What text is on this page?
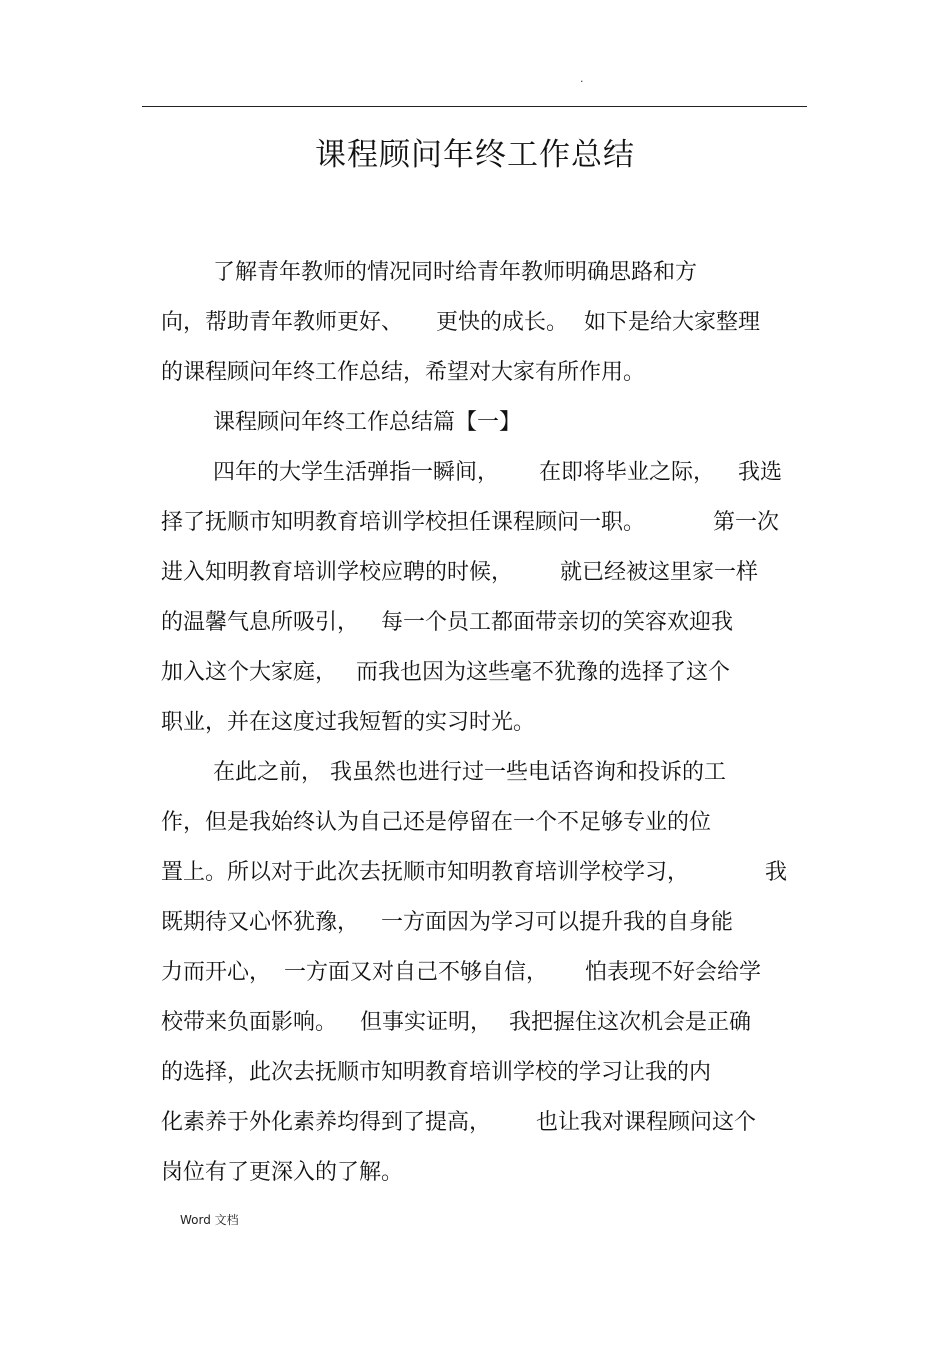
.
课程顾问年终工作总结

了解青年教师的情况同时给青年教师明确思路和方

向，帮助青年教师更好、

更快的成长。

如下是给大家整理

的课程顾问年终工作总结，希望对大家有所作用。

课程顾问年终工作总结篇【一】

四年的大学生活弹指一瞬间，

在即将毕业之际，

我选

择了抚顺市知明教育培训学校担任课程顾问一职。

	第一次

进入知明教育培训学校应聘的时候，

就已经被这里家一样

的温馨气息所吸引，

每一个员工都面带亲切的笑容欢迎我

加入这个大家庭，

而我也因为这些毫不犹豫的选择了这个

职业，并在这度过我短暂的实习时光。

在此之前，

我虽然也进行过一些电话咨询和投诉的工

作，但是我始终认为自己还是停留在一个不足够专业的位

置上。所以对于此次去抚顺市知明教育培训学校学习，

	我

既期待又心怀犹豫，

一方面因为学习可以提升我的自身能

力而开心，

一方面又对自己不够自信，

怕表现不好会给学

校带来负面影响。

但事实证明，

我把握住这次机会是正确

的选择，此次去抚顺市知明教育培训学校的学习让我的内

化素养于外化素养均得到了提高，

也让我对课程顾问这个

岗位有了更深入的了解。

Word 文档
